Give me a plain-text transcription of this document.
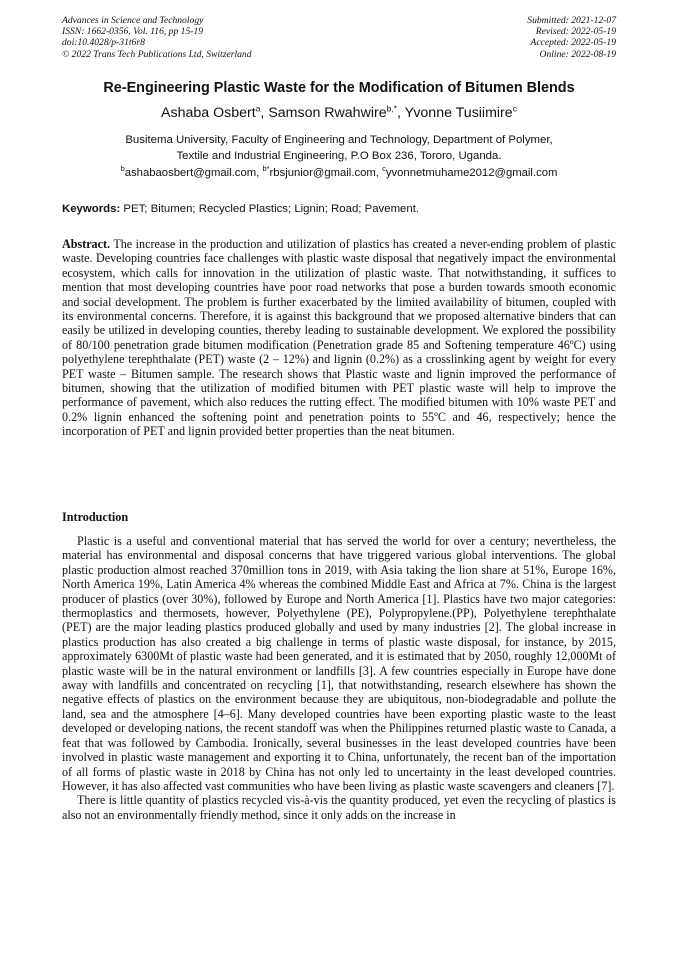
Advances in Science and Technology
ISSN: 1662-0356, Vol. 116, pp 15-19
doi:10.4028/p-31t6r8
© 2022 Trans Tech Publications Ltd, Switzerland
Submitted: 2021-12-07
Revised: 2022-05-19
Accepted: 2022-05-19
Online: 2022-08-19
Re-Engineering Plastic Waste for the Modification of Bitumen Blends
Ashaba Osbert$^a$, Samson Rwahwire$^{b,*}$, Yvonne Tusiimire$^c$
Busitema University, Faculty of Engineering and Technology, Department of Polymer,
Textile and Industrial Engineering, P.O Box 236, Tororo, Uganda.
$^b$ashabaosbert@gmail.com, $^{b*}$rbsjunior@gmail.com, $^c$yvonnetmuhame2012@gmail.com
Keywords: PET; Bitumen; Recycled Plastics; Lignin; Road; Pavement.

Abstract. The increase in the production and utilization of plastics has created a never-ending problem of plastic waste. Developing countries face challenges with plastic waste disposal that negatively impact the environmental ecosystem, which calls for innovation in the utilization of plastic waste. That notwithstanding, it suffices to mention that most developing countries have poor road networks that pose a burden towards smooth economic and social development. The problem is further exacerbated by the limited availability of bitumen, coupled with its environmental concerns. Therefore, it is against this background that we proposed alternative binders that can easily be utilized in developing counties, thereby leading to sustainable development. We explored the possibility of 80/100 penetration grade bitumen modification (Penetration grade 85 and Softening temperature 46ºC) using polyethylene terephthalate (PET) waste (2 – 12%) and lignin (0.2%) as a crosslinking agent by weight for every PET waste – Bitumen sample. The research shows that Plastic waste and lignin improved the performance of bitumen, showing that the utilization of modified bitumen with PET plastic waste will help to improve the performance of pavement, which also reduces the rutting effect. The modified bitumen with 10% waste PET and 0.2% lignin enhanced the softening point and penetration points to 55ºC and 46, respectively; hence the incorporation of PET and lignin provided better properties than the neat bitumen.

Introduction

Plastic is a useful and conventional material that has served the world for over a century; nevertheless, the material has environmental and disposal concerns that have triggered various global interventions. The global plastic production almost reached 370million tons in 2019, with Asia taking the lion share at 51%, Europe 16%, North America 19%, Latin America 4% whereas the combined Middle East and Africa at 7%. China is the largest producer of plastics (over 30%), followed by Europe and North America [1]. Plastics have two major categories: thermoplastics and thermosets, however, Polyethylene (PE), Polypropylene.(PP), Polyethylene terephthalate (PET) are the major leading plastics produced globally and used by many industries [2]. The global increase in plastics production has also created a big challenge in terms of plastic waste disposal, for instance, by 2015, approximately 6300Mt of plastic waste had been generated, and it is estimated that by 2050, roughly 12,000Mt of plastic waste will be in the natural environment or landfills [3]. A few countries especially in Europe have done away with landfills and concentrated on recycling [1], that notwithstanding, research elsewhere has shown the negative effects of plastics on the environment because they are ubiquitous, non-biodegradable and pollute the land, sea and the atmosphere [4–6]. Many developed countries have been exporting plastic waste to the least developed or developing nations, the recent standoff was when the Philippines returned plastic waste to Canada, a feat that was followed by Cambodia. Ironically, several businesses in the least developed countries have been involved in plastic waste management and exporting it to China, unfortunately, the recent ban of the importation of all forms of plastic waste in 2018 by China has not only led to uncertainty in the least developed countries. However, it has also affected vast communities who have been living as plastic waste scavengers and cleaners [7].

There is little quantity of plastics recycled vis-à-vis the quantity produced, yet even the recycling of plastics is also not an environmentally friendly method, since it only adds on the increase in
